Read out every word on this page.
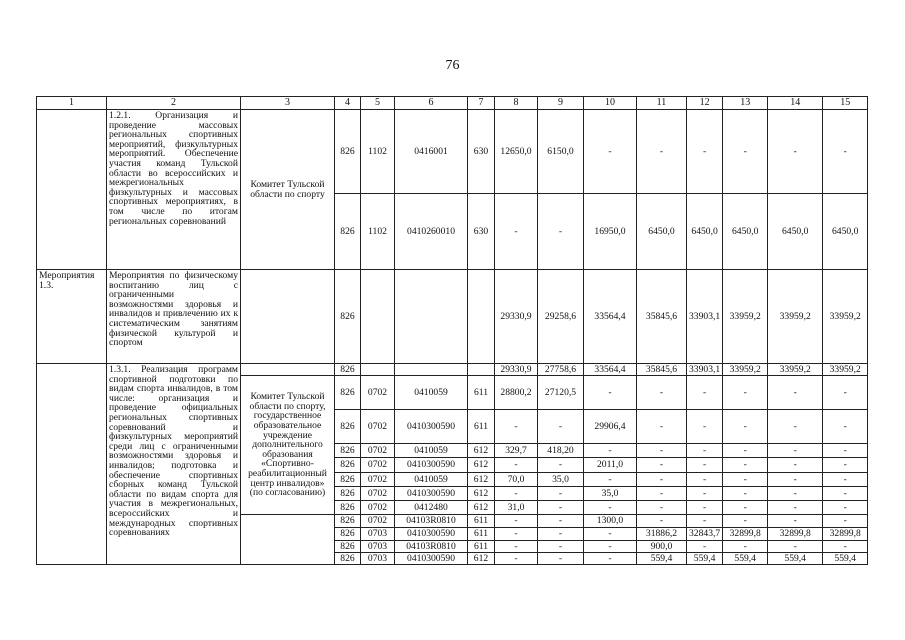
76
1	2	3	4	5	6	7	8	9	10	11	12	13	14	15
	1.2.1. Организация и проведение массовых региональных спортивных мероприятий, физкультурных мероприятий. Обеспечение участия команд Тульской области во всероссийских и межрегиональных физкультурных и массовых спортивных мероприятиях, в том числе по итогам региональных соревнований	Комитет Тульской области по спорту	826	1102	0416001	630	12650,0	6150,0	-	-	-	-	-	-
			826	1102	0410260010	630	-	-	16950,0	6450,0	6450,0	6450,0	6450,0	6450,0
Мероприятия 1.3.	Мероприятия по физическому воспитанию лиц с ограниченными возможностями здоровья и инвалидов и привлечению их к систематическим занятиям физической культурой и спортом		826				29330,9	29258,6	33564,4	35845,6	33903,1	33959,2	33959,2	33959,2
	1.3.1. Реализация программ спортивной подготовки по видам спорта инвалидов, в том числе: организация и проведение официальных региональных спортивных соревнований и физкультурных мероприятий среди лиц с ограниченными возможностями здоровья и инвалидов; подготовка и обеспечение спортивных сборных команд Тульской области по видам спорта для участия в межрегиональных, всероссийских и международных спортивных соревнованиях		826				29330,9	27758,6	33564,4	35845,6	33903,1	33959,2	33959,2	33959,2
		Комитет Тульской области по спорту, государственное образовательное учреждение дополнительного образования «Спортивно-реабилитационный центр инвалидов» (по согласованию)	826	0702	0410059	611	28800,2	27120,5	-	-	-	-	-	-
			826	0702	0410300590	611	-	-	29906,4	-	-	-	-	-
			826	0702	0410059	612	329,7	418,20	-	-	-	-	-	-
			826	0702	0410300590	612	-	-	2011,0	-	-	-	-	-
			826	0702	0410059	612	70,0	35,0	-	-	-	-	-	-
			826	0702	0410300590	612	-	-	35,0	-	-	-	-	-
			826	0702	0412480	612	31,0	-	-	-	-	-	-	-
			826	0702	04103R0810	611	-	-	1300,0	-	-	-	-	-
			826	0703	0410300590	611	-	-	-	31886,2	32843,7	32899,8	32899,8	32899,8
			826	0703	04103R0810	611	-	-	-	900,0	-	-	-	-
			826	0703	0410300590	612	-	-	-	559,4	559,4	559,4	559,4	559,4
